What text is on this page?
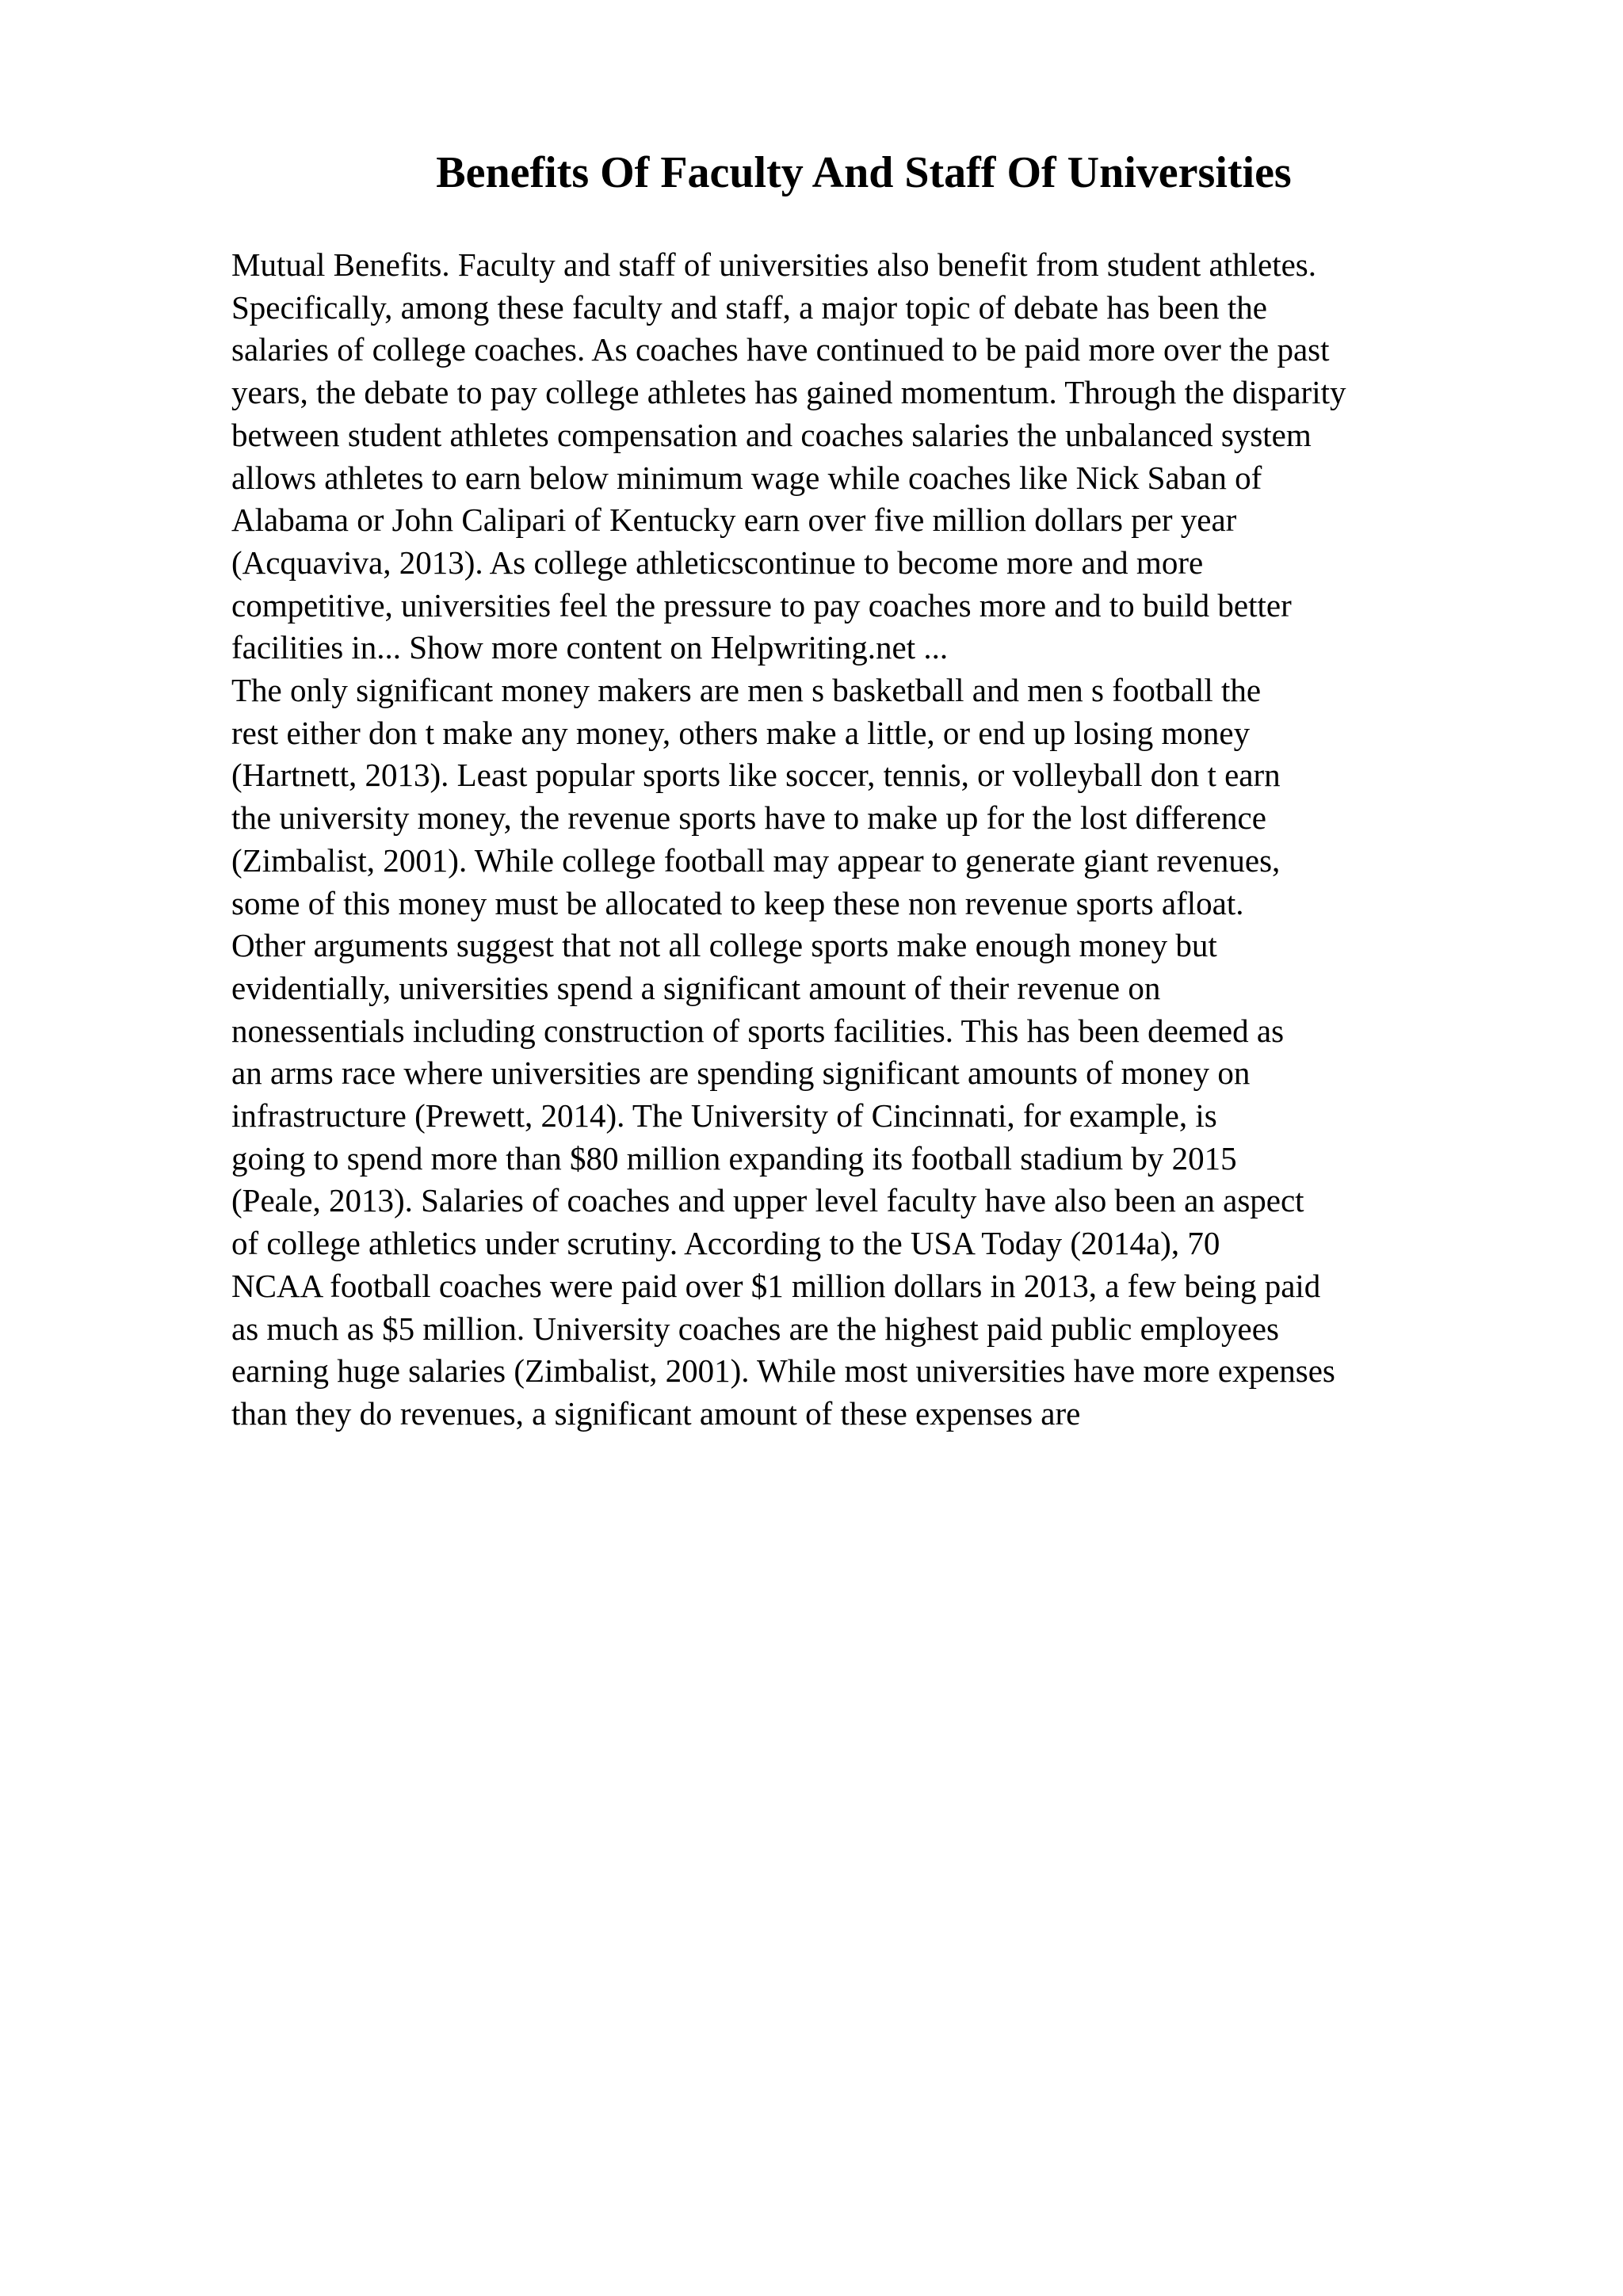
Benefits Of Faculty And Staff Of Universities
Mutual Benefits. Faculty and staff of universities also benefit from student athletes.
Specifically, among these faculty and staff, a major topic of debate has been the
salaries of college coaches. As coaches have continued to be paid more over the past
years, the debate to pay college athletes has gained momentum. Through the disparity
between student athletes compensation and coaches salaries the unbalanced system
allows athletes to earn below minimum wage while coaches like Nick Saban of
Alabama or John Calipari of Kentucky earn over five million dollars per year
(Acquaviva, 2013). As college athleticscontinue to become more and more
competitive, universities feel the pressure to pay coaches more and to build better
facilities in... Show more content on Helpwriting.net ...
The only significant money makers are men s basketball and men s football the
rest either don t make any money, others make a little, or end up losing money
(Hartnett, 2013). Least popular sports like soccer, tennis, or volleyball don t earn
the university money, the revenue sports have to make up for the lost difference
(Zimbalist, 2001). While college football may appear to generate giant revenues,
some of this money must be allocated to keep these non revenue sports afloat.
Other arguments suggest that not all college sports make enough money but
evidentially, universities spend a significant amount of their revenue on
nonessentials including construction of sports facilities. This has been deemed as
an arms race where universities are spending significant amounts of money on
infrastructure (Prewett, 2014). The University of Cincinnati, for example, is
going to spend more than $80 million expanding its football stadium by 2015
(Peale, 2013). Salaries of coaches and upper level faculty have also been an aspect
of college athletics under scrutiny. According to the USA Today (2014a), 70
NCAA football coaches were paid over $1 million dollars in 2013, a few being paid
as much as $5 million. University coaches are the highest paid public employees
earning huge salaries (Zimbalist, 2001). While most universities have more expenses
than they do revenues, a significant amount of these expenses are
